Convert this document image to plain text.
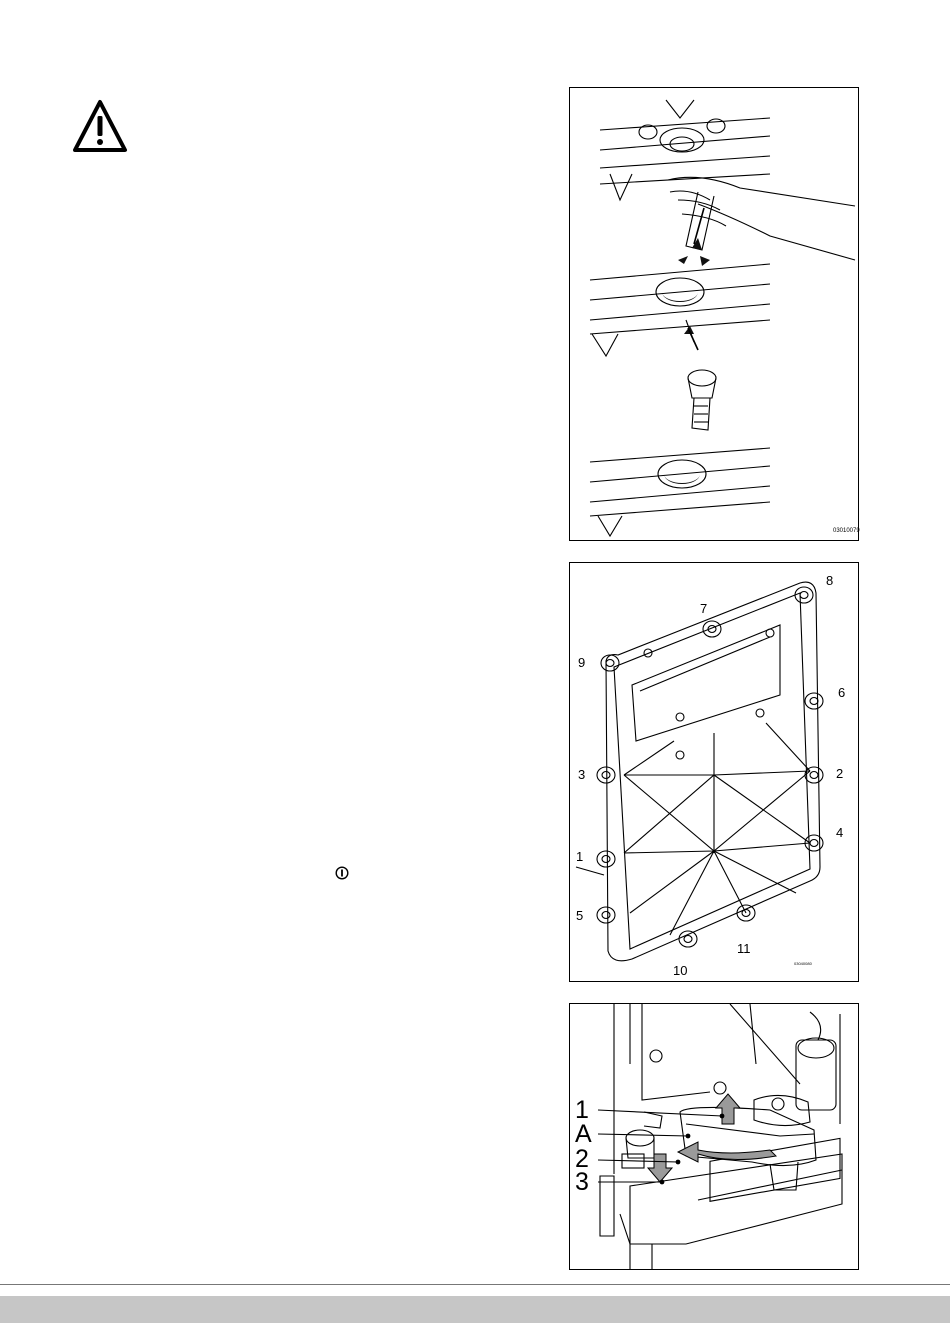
03010079
8
7
9
6
3	2
4
1
5
11
10	03040080
1
A
2
3
